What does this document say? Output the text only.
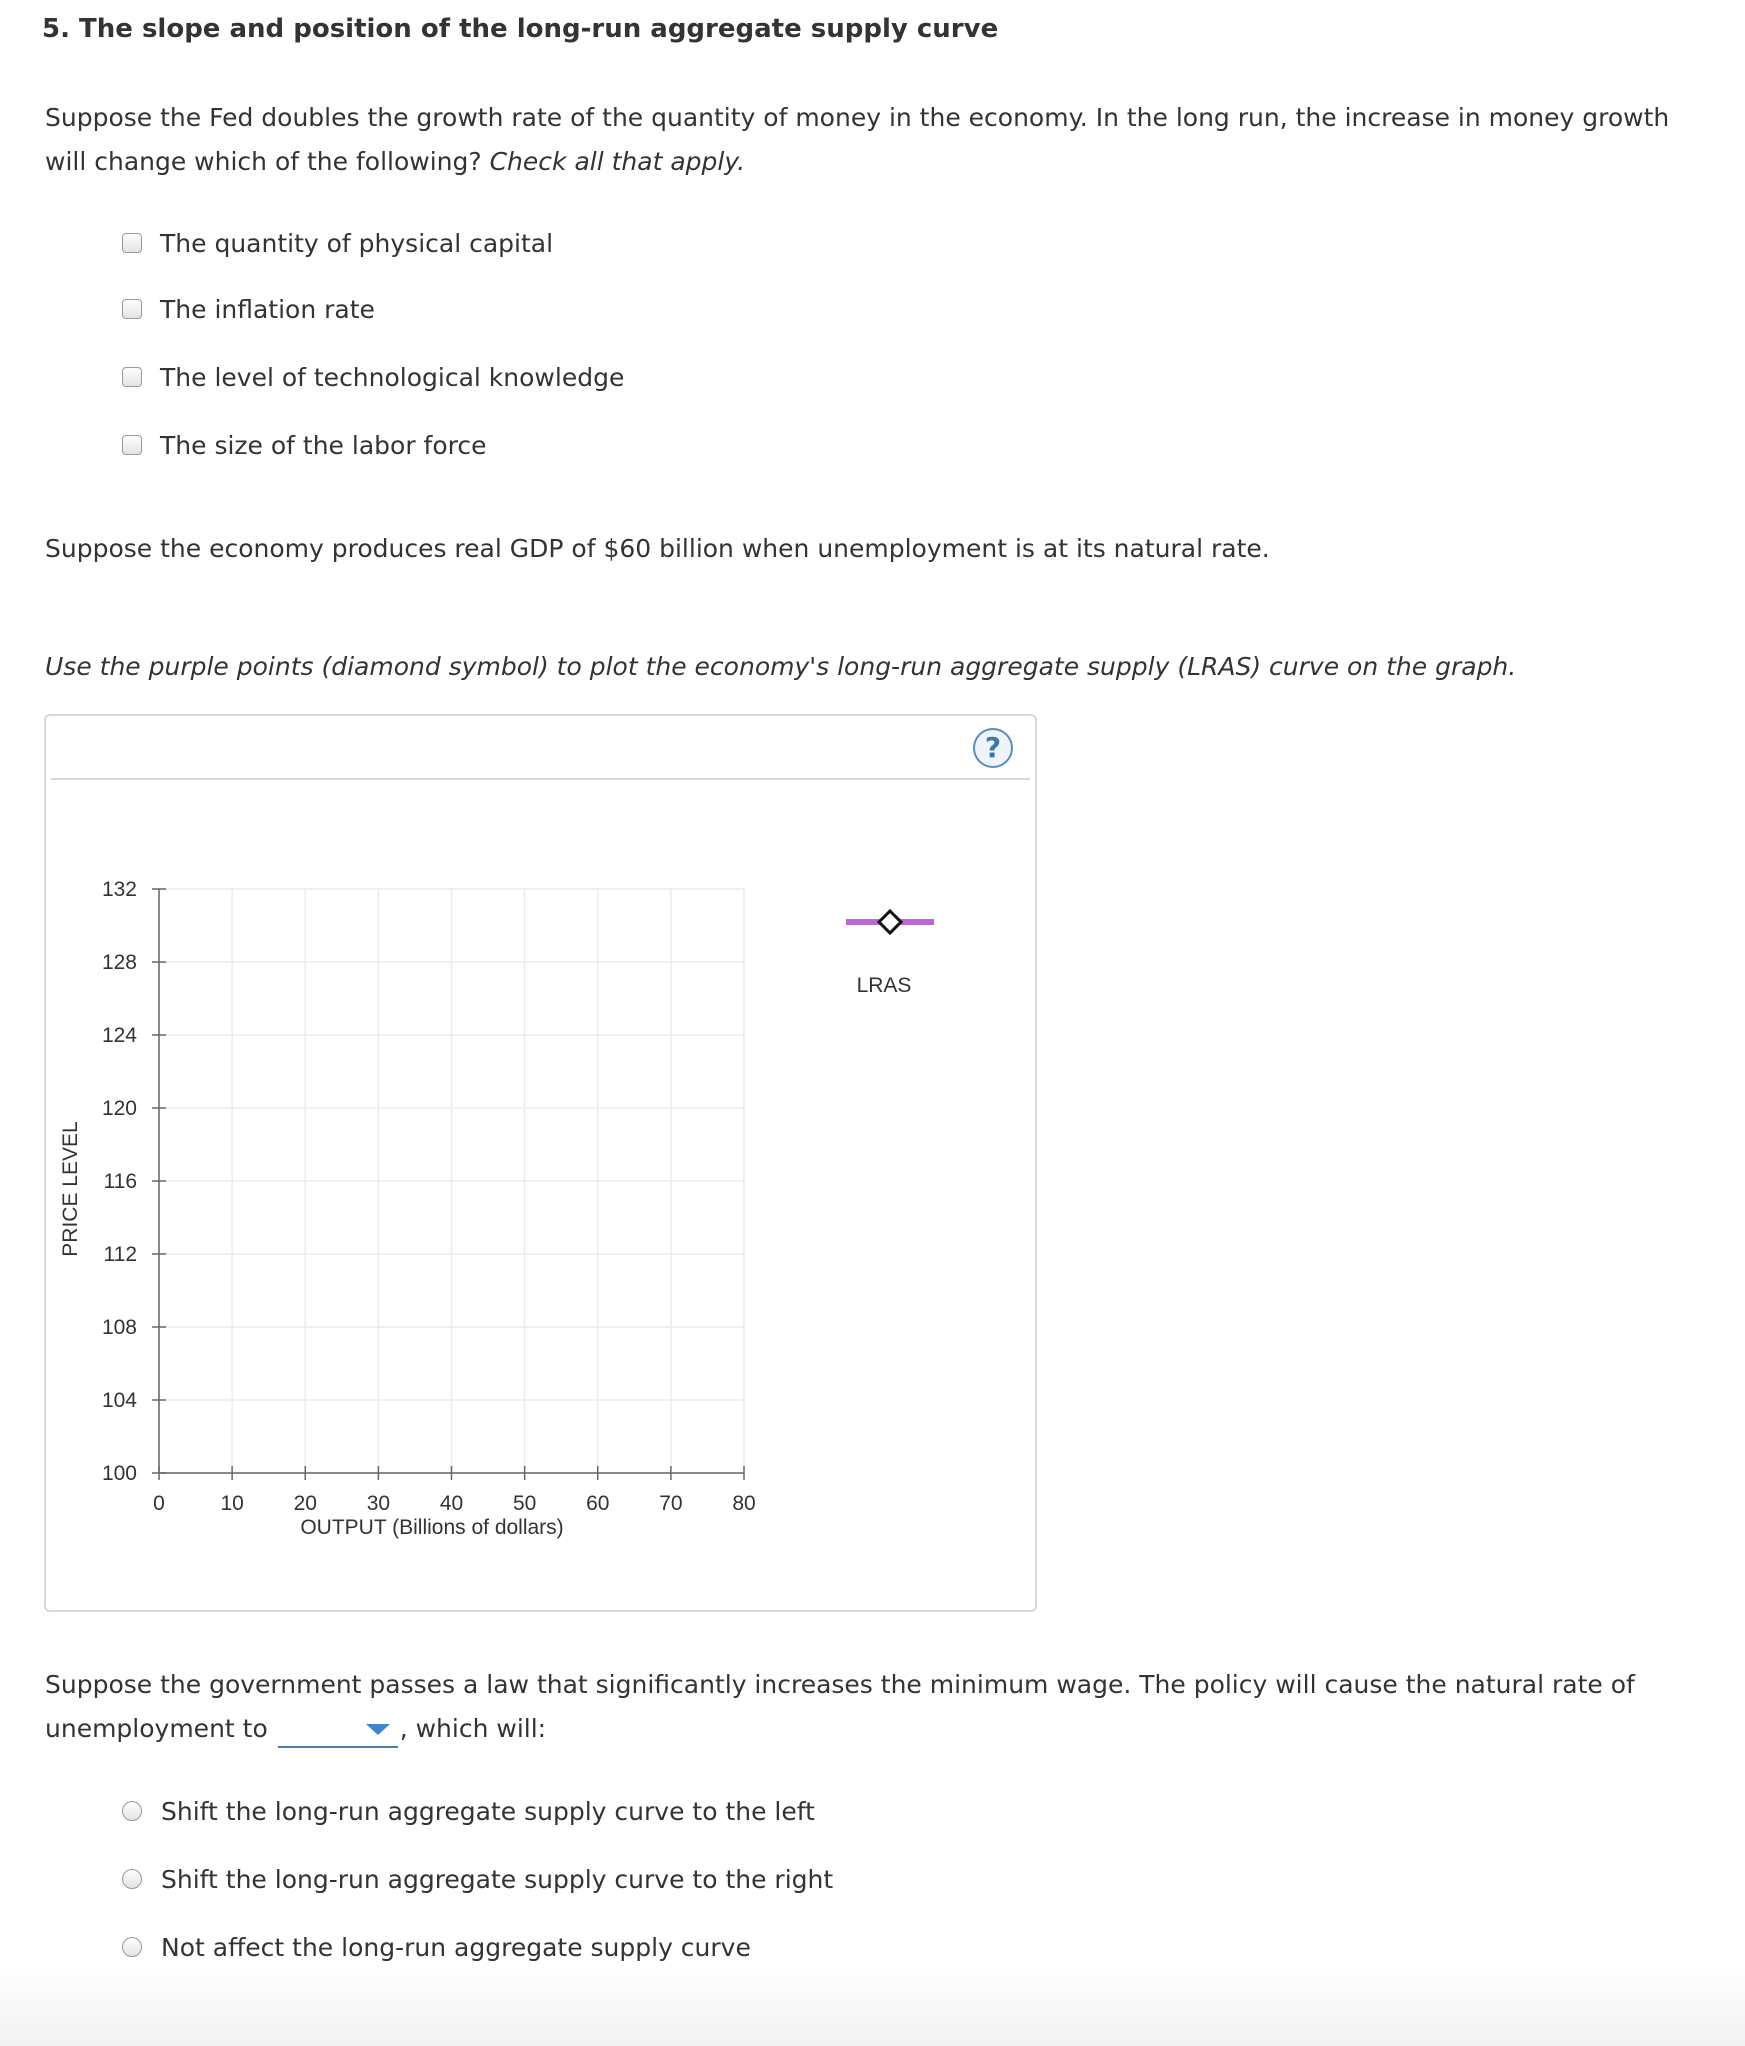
5. The slope and position of the long-run aggregate supply curve
Suppose the Fed doubles the growth rate of the quantity of money in the economy. In the long run, the increase in money growth will change which of the following? Check all that apply.
The quantity of physical capital
The inflation rate
The level of technological knowledge
The size of the labor force
Suppose the economy produces real GDP of $60 billion when unemployment is at its natural rate.
Use the purple points (diamond symbol) to plot the economy's long-run aggregate supply (LRAS) curve on the graph.
?
0	10 20 30 40 50 60 70 80
100
104
108
112
116
120
124
128
132
OUTPUT (Billions of dollars)
PRICE LEVEL
LRAS
Suppose the government passes a law that significantly increases the minimum wage. The policy will cause the natural rate of unemployment to	, which will:
Shift the long-run aggregate supply curve to the left
Shift the long-run aggregate supply curve to the right
Not affect the long-run aggregate supply curve
